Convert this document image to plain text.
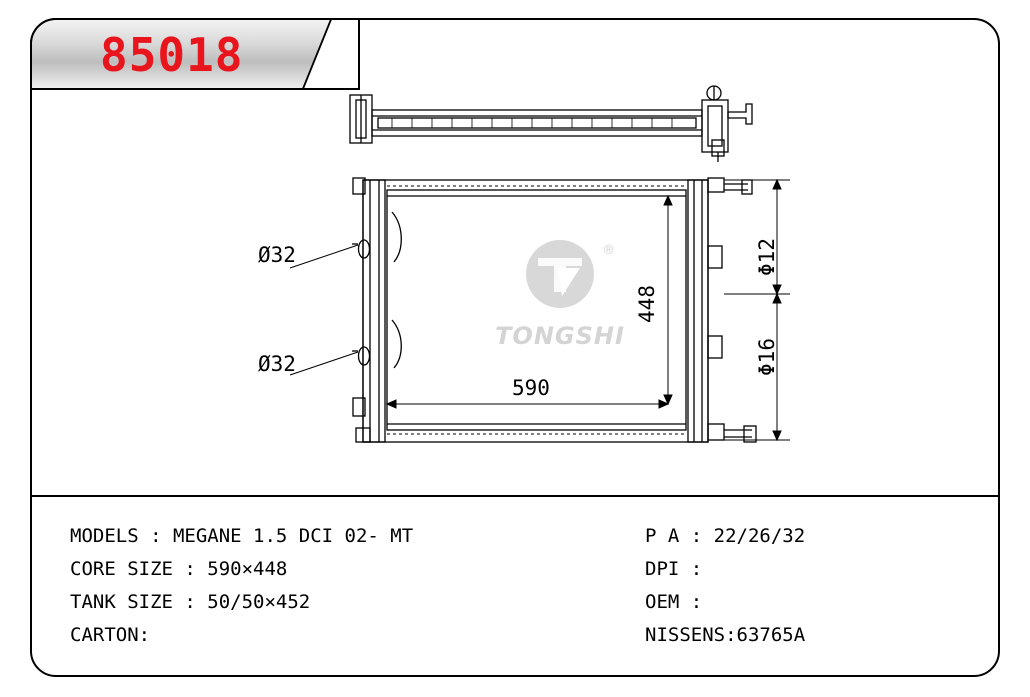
85018
Ø32
Ø32
590
448
Φ12
Φ16
®
TONGSHI
MODELS : MEGANE 1.5 DCI 02- MT	P A : 22/26/32
CORE SIZE : 590×448	DPI :
TANK SIZE : 50/50×452	OEM :
CARTON:	NISSENS:63765A
